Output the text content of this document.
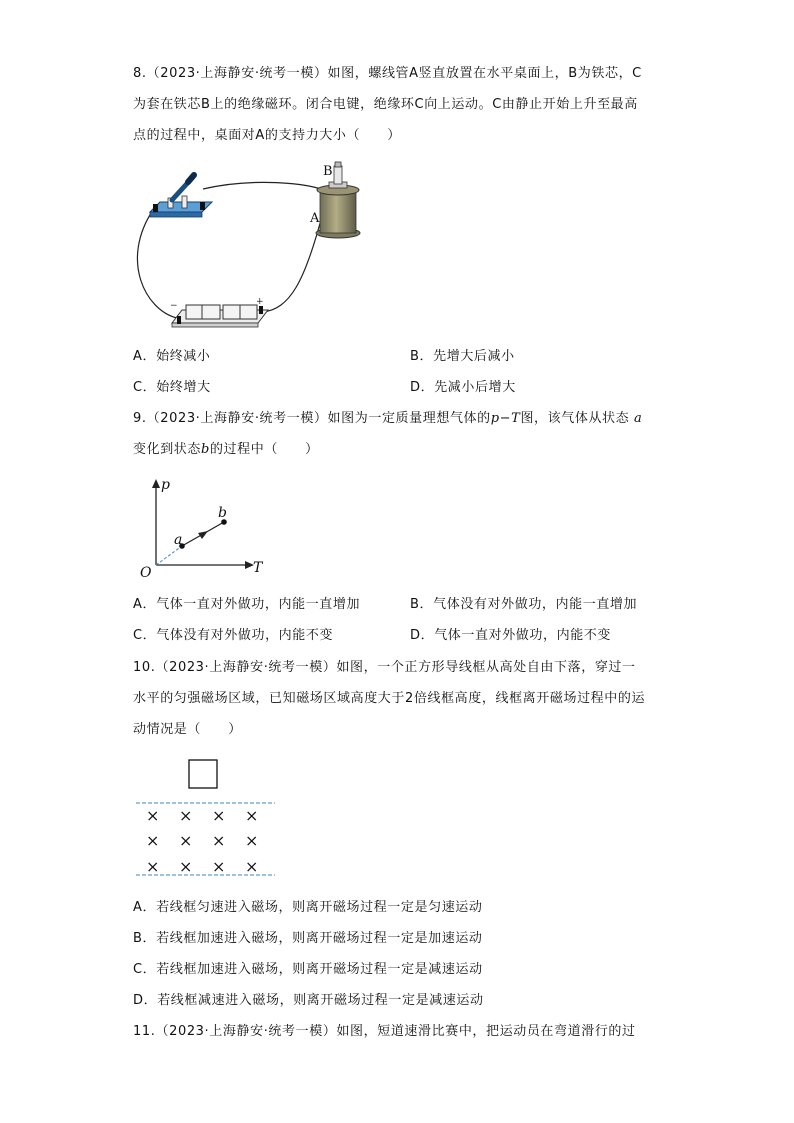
8.（2023·上海静安·统考一模）如图，螺线管A竖直放置在水平桌面上，B为铁芯，C
为套在铁芯B上的绝缘磁环。闭合电键，绝缘环C向上运动。C由静止开始上升至最高
点的过程中，桌面对A的支持力大小（　　）
−	+
B
A
A．始终减小	B．先增大后减小
C．始终增大	D．先减小后增大
9.（2023·上海静安·统考一模）如图为一定质量理想气体的p−T图，该气体从状态 a
变化到状态b的过程中（　　）
p
T
O
a
b
A．气体一直对外做功，内能一直增加	B．气体没有对外做功，内能一直增加
C．气体没有对外做功，内能不变	D．气体一直对外做功，内能不变
10.（2023·上海静安·统考一模）如图，一个正方形导线框从高处自由下落，穿过一
水平的匀强磁场区域，已知磁场区域高度大于2倍线框高度，线框离开磁场过程中的运
动情况是（　　）
× × × ×
× × × ×
× × × ×
A．若线框匀速进入磁场，则离开磁场过程一定是匀速运动
B．若线框加速进入磁场，则离开磁场过程一定是加速运动
C．若线框加速进入磁场，则离开磁场过程一定是减速运动
D．若线框减速进入磁场，则离开磁场过程一定是减速运动
11.（2023·上海静安·统考一模）如图，短道速滑比赛中，把运动员在弯道滑行的过
